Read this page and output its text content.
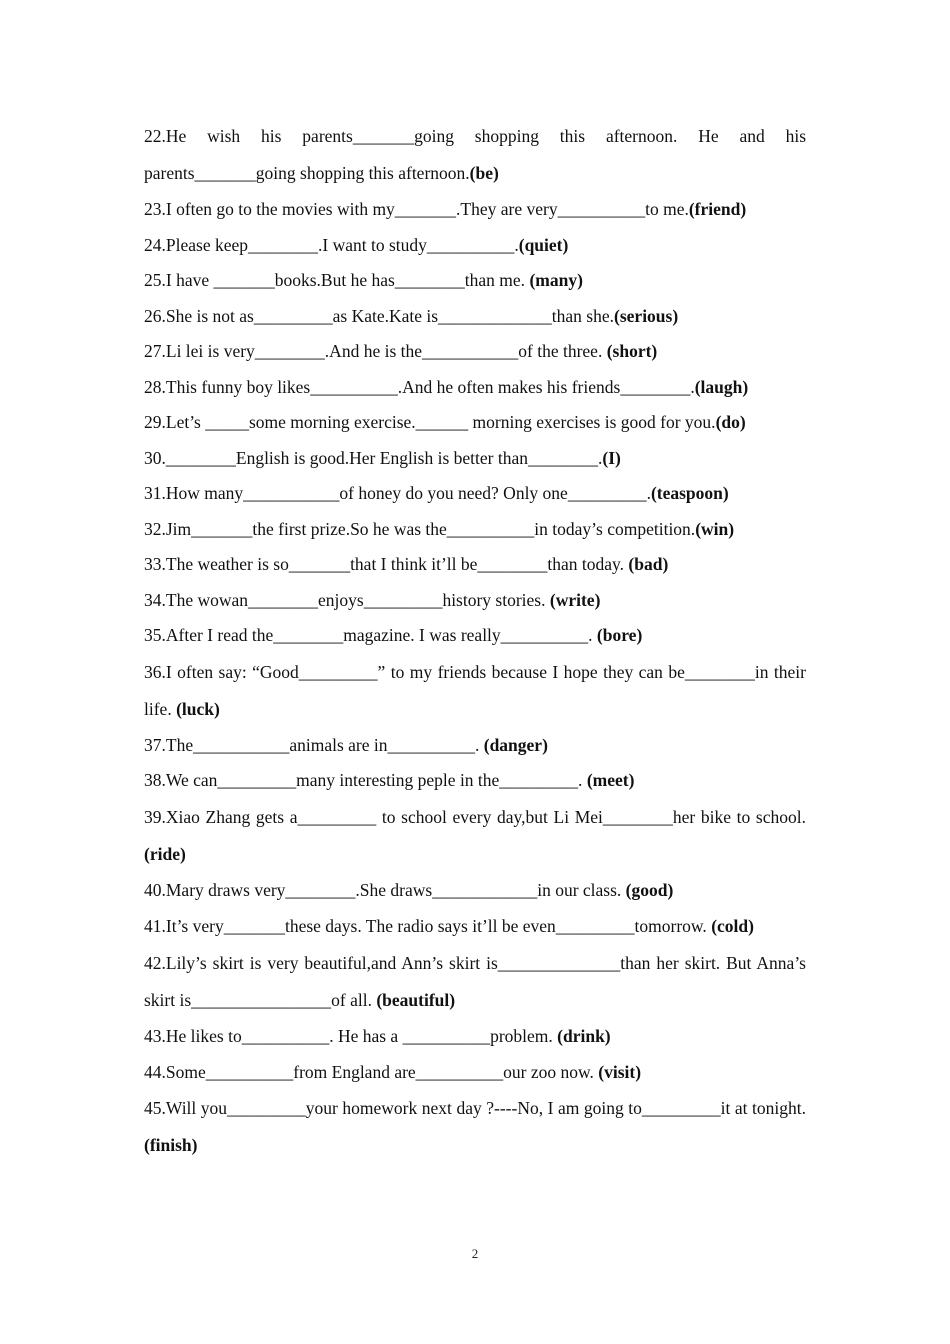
22.He wish his parents_______going shopping this afternoon. He and his parents_______going shopping this afternoon.(be)
23.I often go to the movies with my_______.They are very__________to me.(friend)
24.Please keep________.I want to study__________.(quiet)
25.I have _______books.But he has________than me. (many)
26.She is not as_________as Kate.Kate is_____________than she.(serious)
27.Li lei is very________.And he is the___________of the three. (short)
28.This funny boy likes__________.And he often makes his friends________.(laugh)
29.Let’s _____some morning exercise.______ morning exercises is good for you.(do)
30.________English is good.Her English is better than________.(I)
31.How many___________of honey do you need? Only one_________.(teaspoon)
32.Jim_______the first prize.So he was the__________in today’s competition.(win)
33.The weather is so_______that I think it’ll be________than today. (bad)
34.The wowan________enjoys_________history stories. (write)
35.After I read the________magazine. I was really__________. (bore)
36.I often say: “Good_________” to my friends because I hope they can be________in their life. (luck)
37.The___________animals are in__________. (danger)
38.We can_________many interesting peple in the_________. (meet)
39.Xiao Zhang gets a_________ to school every day,but Li Mei________her bike to school. (ride)
40.Mary draws very________.She draws____________in our class. (good)
41.It’s very_______these days. The radio says it’ll be even_________tomorrow. (cold)
42.Lily’s skirt is very beautiful,and Ann’s skirt is______________than her skirt. But Anna’s skirt is________________of all. (beautiful)
43.He likes to__________. He has a __________problem. (drink)
44.Some__________from England are__________our zoo now. (visit)
45.Will you_________your homework next day ?----No, I am going to_________it at tonight. (finish)
2
